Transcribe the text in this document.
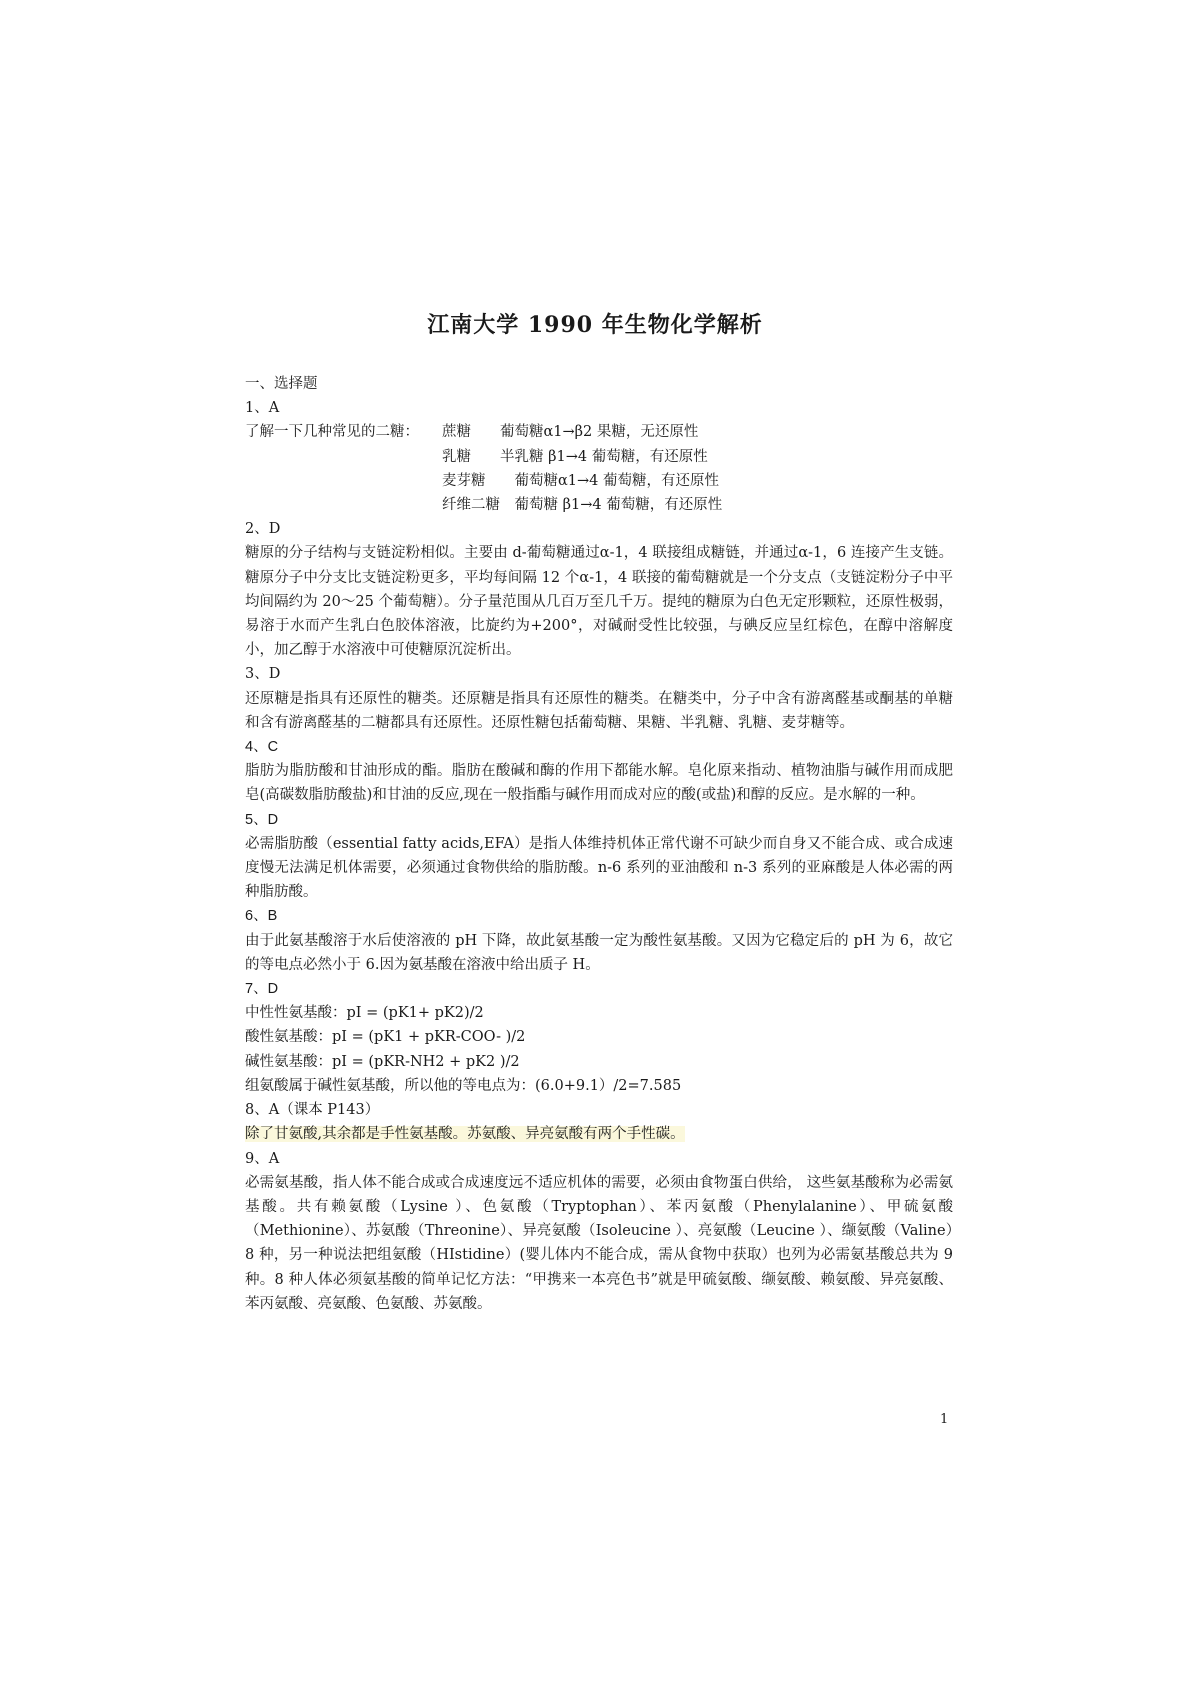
江南大学 1990 年生物化学解析
一、选择题
1、A
了解一下几种常见的二糖：	蔗糖　　葡萄糖α1→β2 果糖，无还原性
乳糖　　半乳糖 β1→4 葡萄糖，有还原性
麦芽糖　　葡萄糖α1→4 葡萄糖，有还原性
纤维二糖　葡萄糖 β1→4 葡萄糖，有还原性
2、D
糖原的分子结构与支链淀粉相似。主要由 d-葡萄糖通过α-1，4 联接组成糖链，并通过α-1，6 连接产生支链。糖原分子中分支比支链淀粉更多，平均每间隔 12 个α-1，4 联接的葡萄糖就是一个分支点（支链淀粉分子中平均间隔约为 20～25 个葡萄糖）。分子量范围从几百万至几千万。提纯的糖原为白色无定形颗粒，还原性极弱，易溶于水而产生乳白色胶体溶液，比旋约为+200°，对碱耐受性比较强，与碘反应呈红棕色，在醇中溶解度小，加乙醇于水溶液中可使糖原沉淀析出。
3、D
还原糖是指具有还原性的糖类。还原糖是指具有还原性的糖类。在糖类中，分子中含有游离醛基或酮基的单糖和含有游离醛基的二糖都具有还原性。还原性糖包括葡萄糖、果糖、半乳糖、乳糖、麦芽糖等。
4、C
脂肪为脂肪酸和甘油形成的酯。脂肪在酸碱和酶的作用下都能水解。皂化原来指动、植物油脂与碱作用而成肥皂(高碳数脂肪酸盐)和甘油的反应,现在一般指酯与碱作用而成对应的酸(或盐)和醇的反应。是水解的一种。
5、D
必需脂肪酸（essential fatty acids,EFA）是指人体维持机体正常代谢不可缺少而自身又不能合成、或合成速度慢无法满足机体需要，必须通过食物供给的脂肪酸。n-6 系列的亚油酸和 n-3 系列的亚麻酸是人体必需的两种脂肪酸。
6、B
由于此氨基酸溶于水后使溶液的 pH 下降，故此氨基酸一定为酸性氨基酸。又因为它稳定后的 pH 为 6，故它的等电点必然小于 6.因为氨基酸在溶液中给出质子 H。
7、D
中性性氨基酸：pI = (pK1+ pK2)/2
酸性氨基酸：pI = (pK1 + pKR-COO- )/2
碱性氨基酸：pI = (pKR-NH2 + pK2 )/2
组氨酸属于碱性氨基酸，所以他的等电点为：(6.0+9.1）/2=7.585
8、A（课本 P143）
除了甘氨酸,其余都是手性氨基酸。苏氨酸、异亮氨酸有两个手性碳。
9、A
必需氨基酸，指人体不能合成或合成速度远不适应机体的需要，必须由食物蛋白供给， 这些氨基酸称为必需氨基酸。共有赖氨酸（Lysine ）、色氨酸（Tryptophan）、苯丙氨酸（Phenylalanine）、甲硫氨酸（Methionine）、苏氨酸（Threonine）、异亮氨酸（Isoleucine ）、亮氨酸（Leucine ）、缬氨酸（Valine）8 种，另一种说法把组氨酸（HIstidine）(婴儿体内不能合成，需从食物中获取）也列为必需氨基酸总共为 9 种。8 种人体必须氨基酸的简单记忆方法：“甲携来一本亮色书”就是甲硫氨酸、缬氨酸、赖氨酸、异亮氨酸、苯丙氨酸、亮氨酸、色氨酸、苏氨酸。
1
